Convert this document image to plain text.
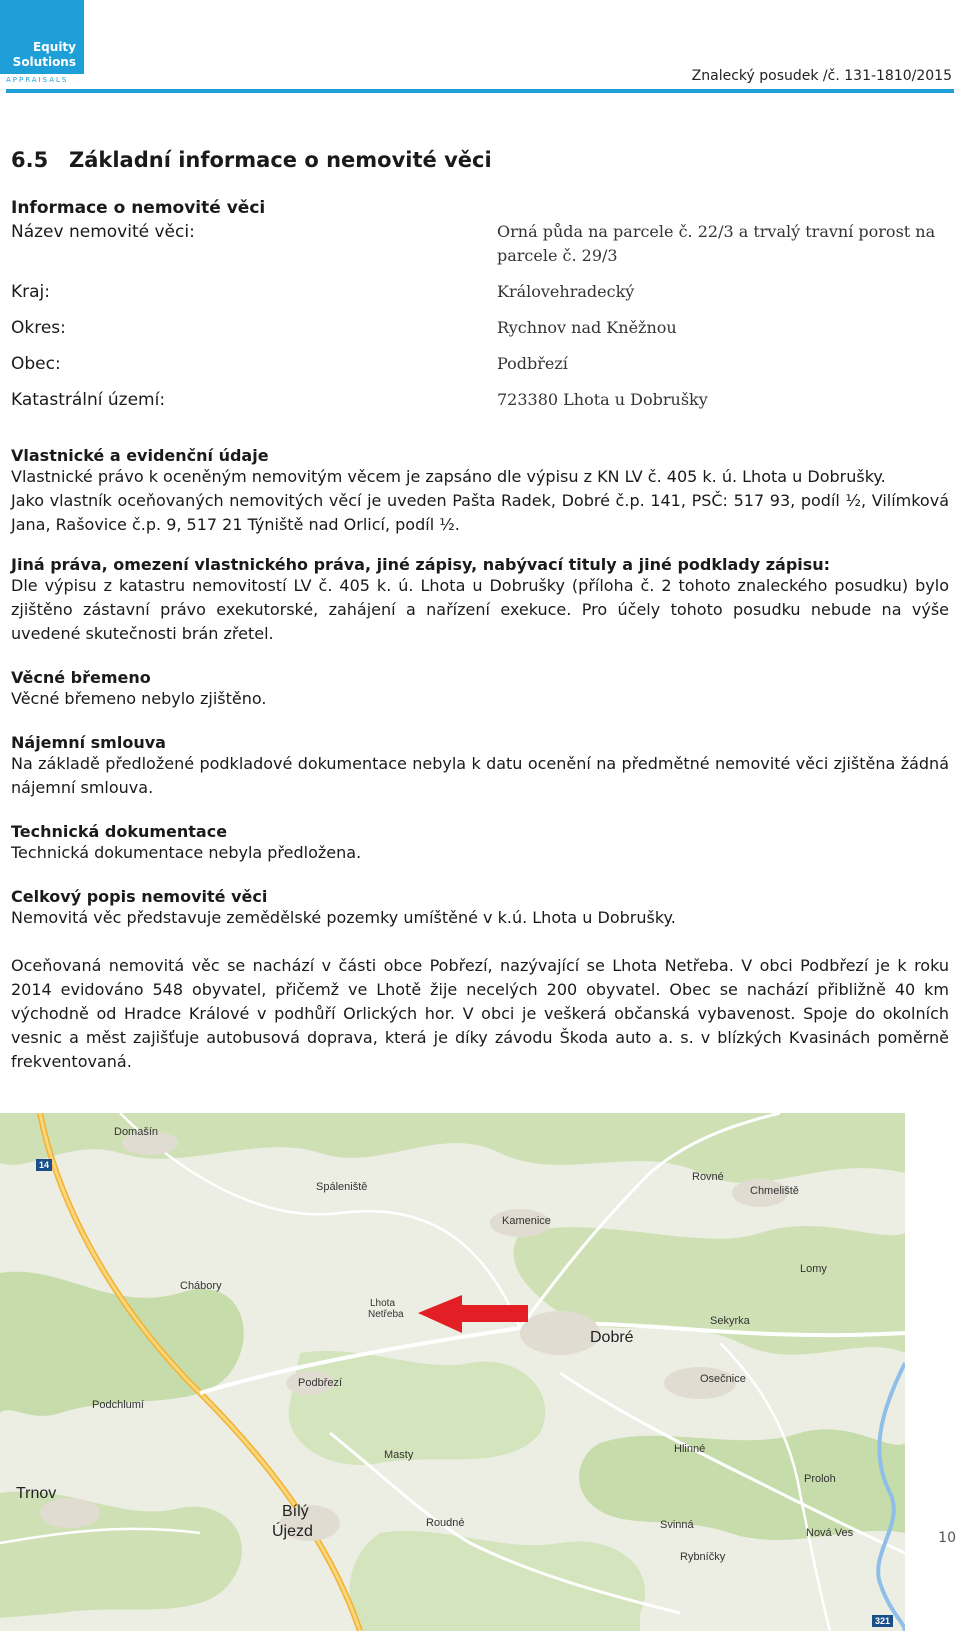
Equity
Solutions
APPRAISALS	Znalecký posudek /č. 131-1810/2015
6.5 Základní informace o nemovité věci
Informace o nemovité věci
Název nemovité věci:	Orná půda na parcele č. 22/3 a trvalý travní porost na parcele č. 29/3
Kraj:	Královehradecký
Okres:	Rychnov nad Kněžnou
Obec:	Podbřezí
Katastrální území:	723380 Lhota u Dobrušky
Vlastnické a evidenční údaje

Vlastnické právo k oceněným nemovitým věcem je zapsáno dle výpisu z KN LV č. 405 k. ú. Lhota u Dobrušky.

Jako vlastník oceňovaných nemovitých věcí je uveden Pašta Radek, Dobré č.p. 141, PSČ: 517 93, podíl ½, Vilímková Jana, Rašovice č.p. 9, 517 21 Týniště nad Orlicí, podíl ½.

Jiná práva, omezení vlastnického práva, jiné zápisy, nabývací tituly a jiné podklady zápisu:

Dle výpisu z katastru nemovitostí LV č. 405 k. ú. Lhota u Dobrušky (příloha č. 2 tohoto znaleckého posudku) bylo zjištěno zástavní právo exekutorské, zahájení a nařízení exekuce. Pro účely tohoto posudku nebude na výše uvedené skutečnosti brán zřetel.

Věcné břemeno

Věcné břemeno nebylo zjištěno.

Nájemní smlouva

Na základě předložené podkladové dokumentace nebyla k datu ocenění na předmětné nemovité věci zjištěna žádná nájemní smlouva.

Technická dokumentace

Technická dokumentace nebyla předložena.

Celkový popis nemovité věci

Nemovitá věc představuje zemědělské pozemky umíštěné v k.ú. Lhota u Dobrušky.

Oceňovaná nemovitá věc se nachází v části obce Pobřezí, nazývající se Lhota Netřeba. V obci Podbřezí je k roku 2014 evidováno 548 obyvatel, přičemž ve Lhotě žije necelých 200 obyvatel. Obec se nachází přibližně 40 km východně od Hradce Králové v podhůří Orlických hor. V obci je veškerá občanská vybavenost. Spoje do okolních vesnic a měst zajišťuje autobusová doprava, která je díky závodu Škoda auto a. s. v blízkých Kvasinách poměrně frekventovaná.

14
321
Domašín
Spáleniště
Rovné
Chmeliště
Kamenice
Lomy
Chábory
Lhota
Netřeba
Dobré
Sekyrka
Osečnice
Podbřezí
Podchlumí
Masty	Hlinné
Proloh
Trnov
Bílý
Újezd	Roudné	Svinná
Nová Ves
Rybníčky
10
